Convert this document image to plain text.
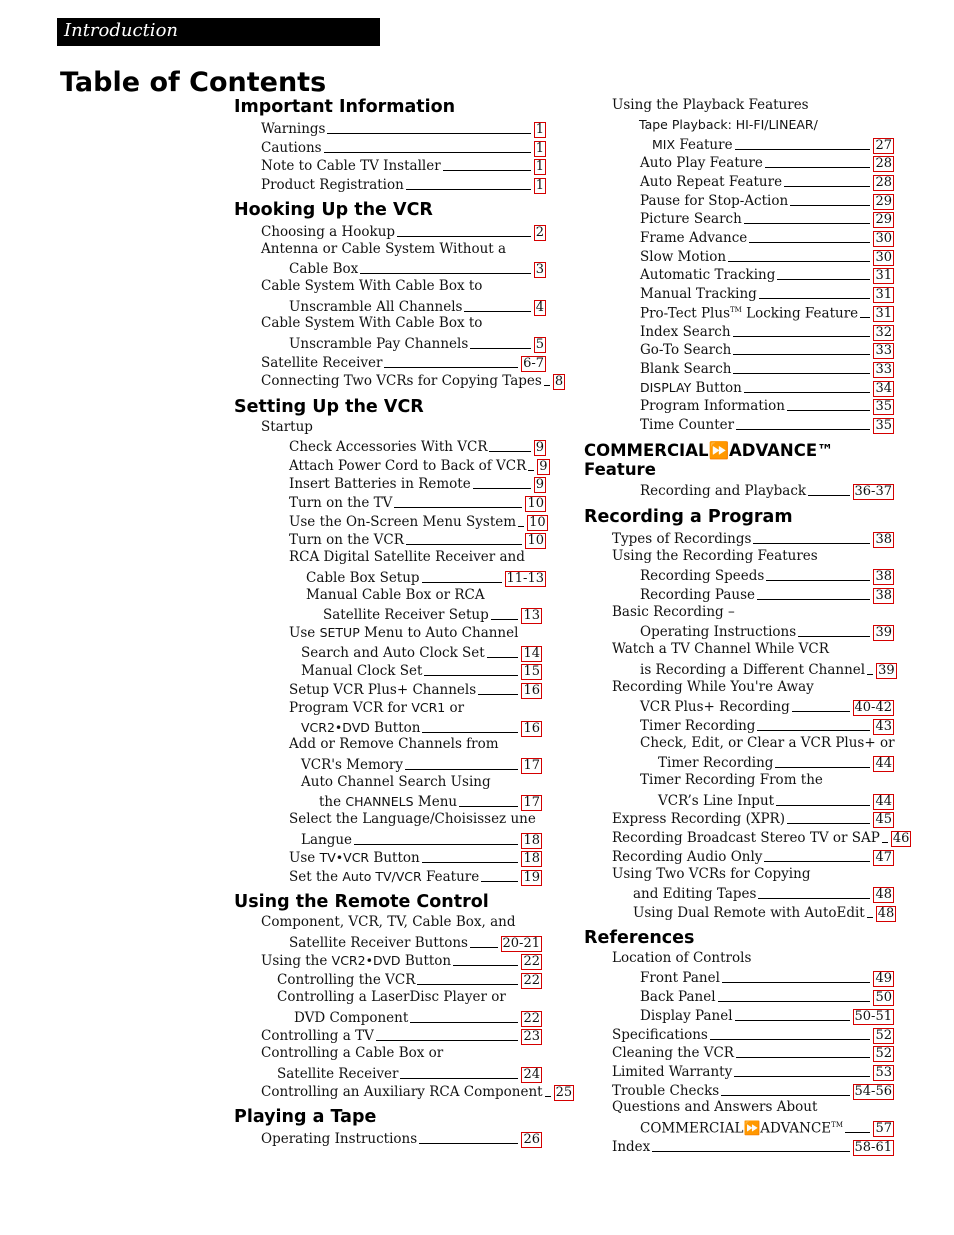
Introduction
Table of Contents
Important Information
Warnings	1
Cautions	1
Note to Cable TV Installer	1
Product Registration	1
Hooking Up the VCR
Choosing a Hookup	2
Antenna or Cable System Without a
Cable Box	3
Cable System With Cable Box to
Unscramble All Channels	4
Cable System With Cable Box to
Unscramble Pay Channels	5
Satellite Receiver	6-7
Connecting Two VCRs for Copying Tapes 8
Setting Up the VCR
Startup
Check Accessories With VCR	9
Attach Power Cord to Back of VCR 9
Insert Batteries in Remote	9
Turn on the TV	10
Use the On-Screen Menu System 10
Turn on the VCR	10
RCA Digital Satellite Receiver and
Cable Box Setup	11-13
Manual Cable Box or RCA
Satellite Receiver Setup	13
Use SETUP Menu to Auto Channel
Search and Auto Clock Set	14
Manual Clock Set	15
Setup VCR Plus+ Channels	16
Program VCR for VCR1 or
VCR2•DVD Button	16
Add or Remove Channels from
VCR's Memory	17
Auto Channel Search Using
the CHANNELS Menu	17
Select the Language/Choisissez une
Langue	18
Use TV•VCR Button	18
Set the Auto TV/VCR Feature	19
Using the Remote Control
Component, VCR, TV, Cable Box, and
Satellite Receiver Buttons	20-21
Using the VCR2•DVD Button	22
Controlling the VCR	22
Controlling a LaserDisc Player or
DVD Component	22
Controlling a TV	23
Controlling a Cable Box or
Satellite Receiver	24
Controlling an Auxiliary RCA Component 25
Playing a Tape
Operating Instructions	26
Using the Playback Features
Tape Playback: HI-FI/LINEAR/
MIX Feature	27
Auto Play Feature	28
Auto Repeat Feature	28
Pause for Stop-Action	29
Picture Search	29
Frame Advance	30
Slow Motion	30
Automatic Tracking	31
Manual Tracking	31
Pro-Tect Plus™ Locking Feature 31
Index Search	32
Go-To Search	33
Blank Search	33
DISPLAY Button	34
Program Information	35
Time Counter	35
COMMERCIAL⏩ADVANCE™
Feature
Recording and Playback	36-37
Recording a Program
Types of Recordings	38
Using the Recording Features
Recording Speeds	38
Recording Pause	38
Basic Recording –
Operating Instructions	39
Watch a TV Channel While VCR
is Recording a Different Channel 39
Recording While You're Away
VCR Plus+ Recording	40-42
Timer Recording	43
Check, Edit, or Clear a VCR Plus+ or
Timer Recording	44
Timer Recording From the
VCR’s Line Input	44
Express Recording (XPR)	45
Recording Broadcast Stereo TV or SAP 46
Recording Audio Only	47
Using Two VCRs for Copying
and Editing Tapes	48
Using Dual Remote with AutoEdit 48
References
Location of Controls
Front Panel	49
Back Panel	50
Display Panel	50-51
Specifications	52
Cleaning the VCR	52
Limited Warranty	53
Trouble Checks	54-56
Questions and Answers About
COMMERCIAL⏩ADVANCE™ 57
Index	58-61
